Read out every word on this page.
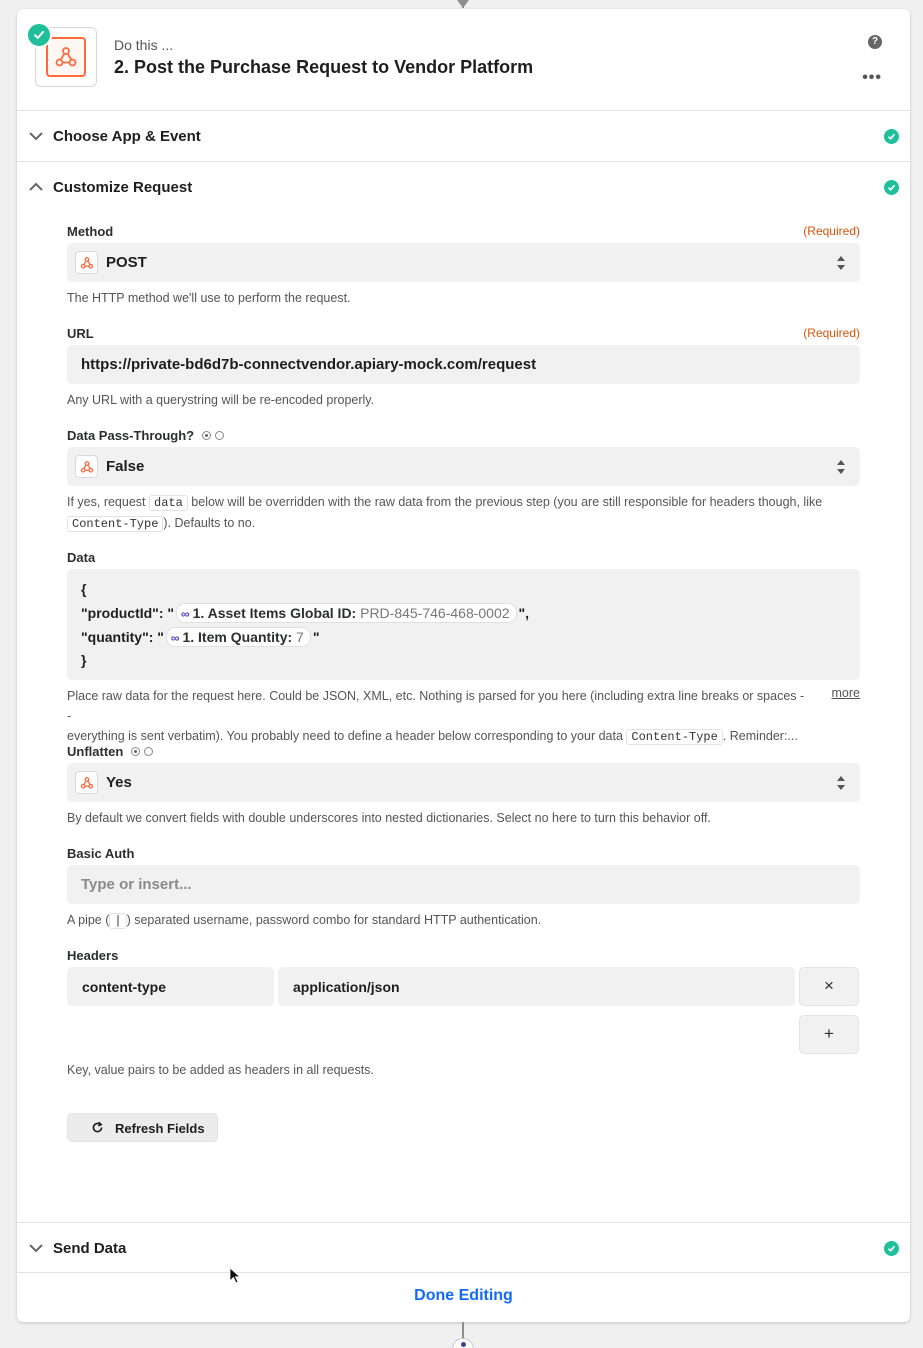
Do this ...
2. Post the Purchase Request to Vendor Platform
?
•••
Choose App & Event
Customize Request
Method	(Required)
POST
The HTTP method we'll use to perform the request.
URL	(Required)
https://private-bd6d7b-connectvendor.apiary-mock.com/request
Any URL with a querystring will be re-encoded properly.
Data Pass-Through?
False
If yes, request data below will be overridden with the raw data from the previous step (you are still responsible for headers though, like
Content-Type ). Defaults to no.
Data
{
"productId": " ∞ 1. Asset Items Global ID: PRD-845-746-468-0002 ",
"quantity": " ∞ 1. Item Quantity: 7 "
}
Place raw data for the request here. Could be JSON, XML, etc. Nothing is parsed for you here (including extra line breaks or spaces --
everything is sent verbatim). You probably need to define a header below corresponding to your data Content-Type . Reminder:...
more
Unflatten
Yes
By default we convert fields with double underscores into nested dictionaries. Select no here to turn this behavior off.
Basic Auth
Type or insert...
A pipe ( | ) separated username, password combo for standard HTTP authentication.
Headers
content-type	application/json	×
+
Key, value pairs to be added as headers in all requests.
Refresh Fields
Send Data
Done Editing
